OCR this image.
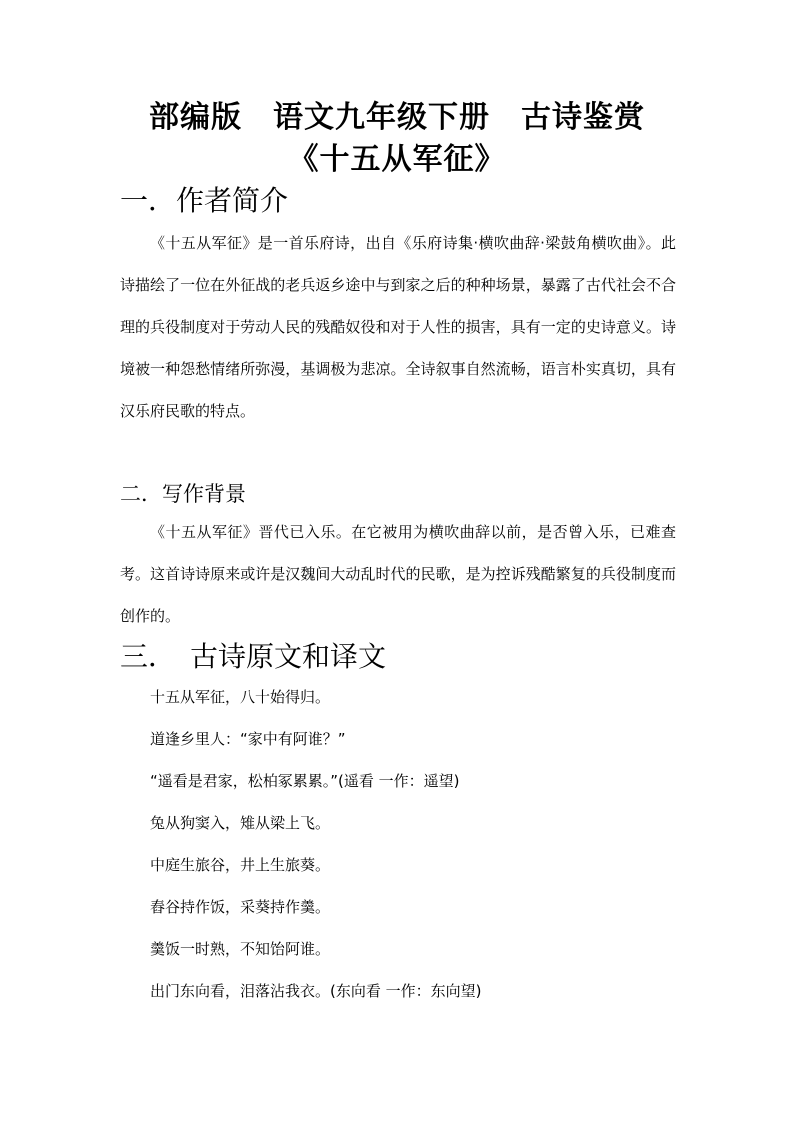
部编版　语文九年级下册　古诗鉴赏
《十五从军征》
一．作者简介
《十五从军征》是一首乐府诗，出自《乐府诗集·横吹曲辞·梁鼓角横吹曲》。此诗描绘了一位在外征战的老兵返乡途中与到家之后的种种场景，暴露了古代社会不合理的兵役制度对于劳动人民的残酷奴役和对于人性的损害，具有一定的史诗意义。诗境被一种怨愁情绪所弥漫，基调极为悲凉。全诗叙事自然流畅，语言朴实真切，具有汉乐府民歌的特点。
二．写作背景
《十五从军征》晋代已入乐。在它被用为横吹曲辞以前，是否曾入乐，已难查考。这首诗诗原来或许是汉魏间大动乱时代的民歌，是为控诉残酷繁复的兵役制度而创作的。
三．　古诗原文和译文
十五从军征，八十始得归。
道逢乡里人：“家中有阿谁？”
“遥看是君家，松柏冢累累。”(遥看 一作：遥望)
兔从狗窦入，雉从梁上飞。
中庭生旅谷，井上生旅葵。
舂谷持作饭，采葵持作羹。
羹饭一时熟，不知饴阿谁。
出门东向看，泪落沾我衣。(东向看 一作：东向望)
